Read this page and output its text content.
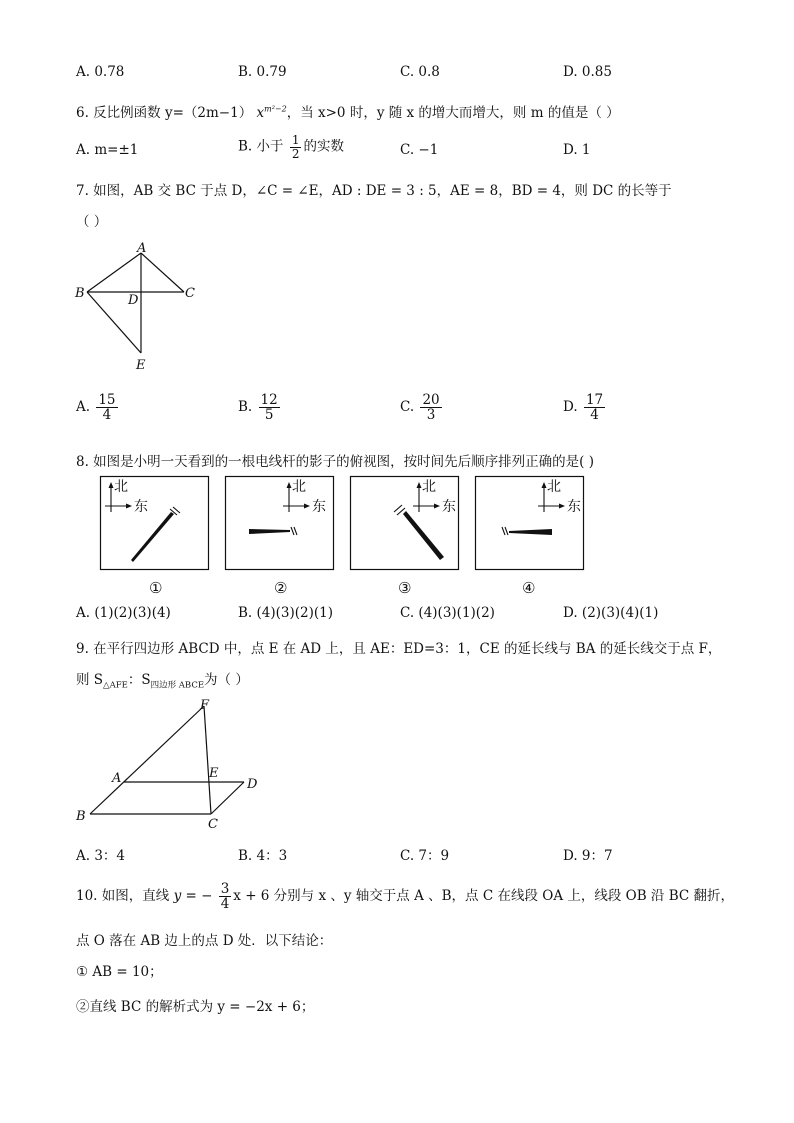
A. 0.78	B. 0.79	C. 0.8	D. 0.85
6. 反比例函数 y=（2m−1） $x^{m^2-2}$，当 x>0 时，y 随 x 的增大而增大，则 m 的值是（ ）
A. m=±1	B. 小于 $\frac{1}{2}$ 的实数	C. −1	D. 1
7. 如图，AB 交 BC 于点 D，∠C = ∠E，AD : DE = 3 : 5，AE = 8，BD = 4，则 DC 的长等于
（ ）
A
B	C
D
E
A. $\frac{15}{4}$	B. $\frac{12}{5}$	C. $\frac{20}{3}$	D. $\frac{17}{4}$
8. 如图是小明一天看到的一根电线杆的影子的俯视图，按时间先后顺序排列正确的是( )
北
东
北
东
北
东
北
东
①	②	③	④
A. (1)(2)(3)(4)	B. (4)(3)(2)(1)	C. (4)(3)(1)(2)	D. (2)(3)(4)(1)
9. 在平行四边形 ABCD 中，点 E 在 AD 上，且 AE：ED=3：1，CE 的延长线与 BA 的延长线交于点 F，
则 $S_{\triangle AFE}$：$S_{四边形 ABCE}$为（ ）
F
A	E
D
B
C
A. 3：4	B. 4：3	C. 7：9	D. 9：7
10. 如图，直线 y = − $\frac{3}{4}$ x + 6 分别与 x 、y 轴交于点 A 、B，点 C 在线段 OA 上，线段 OB 沿 BC 翻折，
点 O 落在 AB 边上的点 D 处．以下结论：
① AB = 10；
②直线 BC 的解析式为 y = −2x + 6；
